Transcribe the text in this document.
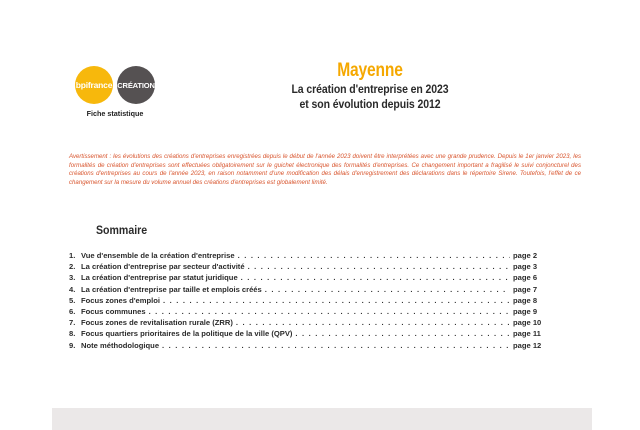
bpifrance CRÉATION
Fiche statistique
Mayenne
La création d'entreprise en 2023
et son évolution depuis 2012
Avertissement : les évolutions des créations d'entreprises enregistrées depuis le début de l'année 2023 doivent être interprétées avec une grande prudence. Depuis le 1er janvier 2023, les formalités de création d'entreprises sont effectuées obligatoirement sur le guichet électronique des formalités d'entreprises. Ce changement important a fragilisé le suivi conjoncturel des créations d'entreprises au cours de l'année 2023, en raison notamment d'une modification des délais d'enregistrement des déclarations dans le répertoire Sirene. Toutefois, l'effet de ce changement sur la mesure du volume annuel des créations d'entreprises est globalement limité.
Sommaire
1. Vue d'ensemble de la création d'entreprise . . .	page 2
2. La création d'entreprise par secteur d'activité . . .	page 3
3. La création d'entreprise par statut juridique . . .	page 6
4. La création d'entreprise par taille et emplois créés . . .	page 7
5. Focus zones d'emploi . . .	page 8
6. Focus communes . . .	page 9
7. Focus zones de revitalisation rurale (ZRR) . . .	page 10
8. Focus quartiers prioritaires de la politique de la ville (QPV) . . .	page 11
9. Note méthodologique . . .	page 12
